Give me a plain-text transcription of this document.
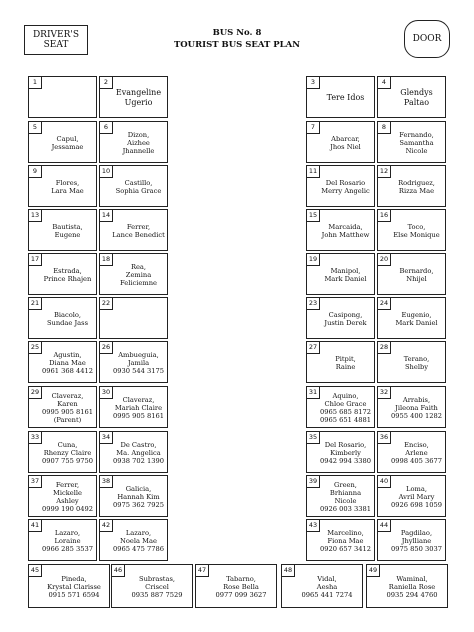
DRIVER'S
SEAT
BUS No. 8
TOURIST BUS SEAT PLAN
DOOR
1	2
Evangeline
Ugerio
3
Tere Idos
4
Glendys
Paltao
5
Capul,
Jessamae
6
Dizon,
Aizhee Jhannelle
7
Abarcar,
Jhos Niel
8
Fernando,
Samantha Nicole
9
Flores,
Lara Mae
10
Castillo,
Sophia Grace
11
Del Rosario
Merry Angelic
12
Rodriguez,
Rizza Mae
13
Bautista,
Eugene
14
Ferrer,
Lance Benedict
15
Marcaida,
John Matthew
16
Toco,
Else Monique
17
Estrada,
Prince Rhajen
18
Rea,
Zemina Feliciemne
19
Manipol,
Mark Daniel
20
Bernardo,
Nhijel
21
Biacolo,
Sundae Jass
22	23
Casipong,
Justin Derek
24
Eugenio,
Mark Daniel
25
Agustin,
Diana Mae
0961 368 4412
26
Ambueguia,
Jamila
0930 544 3175
27
Pitpit,
Raine
28
Terano,
Shelby
29	Claveraz,
Karen
0995 905 8161
(Parent)
30
Claveraz,
Mariah Claire
0995 905 8161
31	Aquino,
Chloe Grace
0965 685 8172
0965 651 4881
32
Arrabis,
Jileona Faith
0955 400 1282
33
Cuna,
Rhenzy Claire
0907 755 9750
34
De Castro,
Ma. Angelica
0938 702 1390
35
Del Rosario,
Kimberly
0942 994 3380
36
Enciso,
Arlene
0998 405 3677
37	Ferrer,
Mickelle Ashley
0999 190 0492
38
Galicia,
Hannah Kim
0975 362 7925
39	Green,
Brhianna Nicole
0926 003 3381
40
Loma,
Avril Mary
0926 698 1059
41
Lazaro,
Loraine
0966 285 3537
42
Lazaro,
Noela Mae
0965 475 7786
43
Marcelino,
Fiona Mae
0920 657 3412
44
Pagdilao,
Jhylliane
0975 850 3037
45
Pineda,
Krystal Clarisse
0915 571 6594
46
Subrastas,
Criscel
0935 887 7529
47
Tabarno,
Rose Bella
0977 099 3627
48
Vidal,
Aesha
0965 441 7274
49
Waminal,
Raniella Rose
0935 294 4760
